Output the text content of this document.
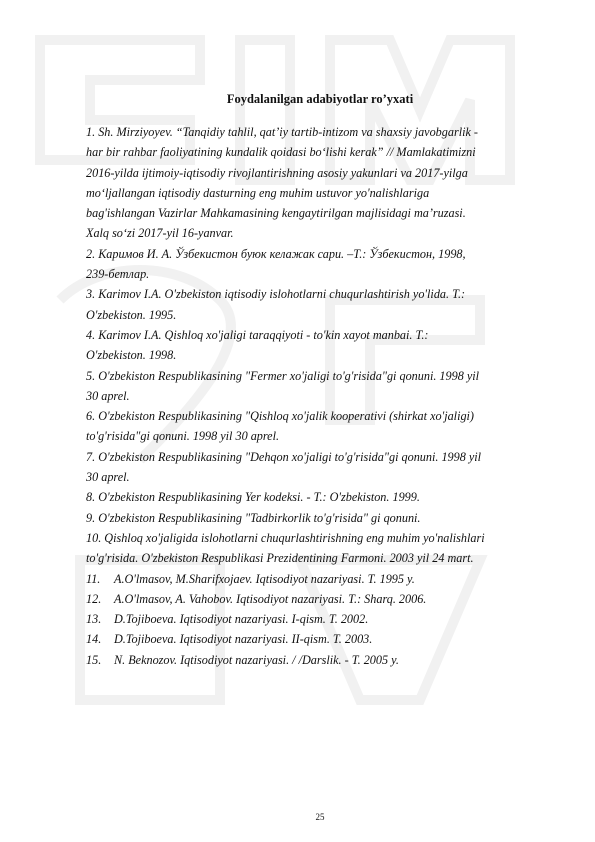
Foydalanilgan adabiyotlar ro’yxati
1. Sh. Mirziyoyev. “Tanqidiy tahlil, qat’iy tartib-intizom va shaxsiy javobgarlik -
har bir rahbar faoliyatining kundalik qoidasi bo‘lishi kerak” // Mamlakatimizni
2016-yilda ijtimoiy-iqtisodiy rivojlantirishning asosiy yakunlari va 2017-yilga
mo‘ljallangan iqtisodiy dasturning eng muhim ustuvor yo'nalishlariga
bag'ishlangan Vazirlar Mahkamasining kengaytirilgan majlisidagi ma’ruzasi.
Xalq so‘zi 2017-yil 16-yanvar.
2. Каримов И. А. Ўзбекистон буюк келажак сари. –Т.: Ўзбекистон, 1998,
239-бетлар.
3. Karimov I.A. O'zbekiston iqtisodiy islohotlarni chuqurlashtirish yo'lida. T.:
O'zbekiston. 1995.
4. Karimov I.A. Qishloq xo'jaligi taraqqiyoti - to'kin xayot manbai. T.:
O'zbekiston. 1998.
5. O'zbekiston Respublikasining "Fermer xo'jaligi to'g'risida"gi qonuni. 1998 yil
30 aprel.
6. O'zbekiston Respublikasining "Qishloq xo'jalik kooperativi (shirkat xo'jaligi)
to'g'risida"gi qonuni. 1998 yil 30 aprel.
7. O'zbekiston Respublikasining "Dehqon xo'jaligi to'g'risida"gi qonuni. 1998 yil
30 aprel.
8. O'zbekiston Respublikasining Yer kodeksi. - T.: O'zbekiston. 1999.
9. O'zbekiston Respublikasining "Tadbirkorlik to'g'risida" gi qonuni.
10. Qishloq xo'jaligida islohotlarni chuqurlashtirishning eng muhim yo'nalishlari
to'g'risida. O'zbekiston Respublikasi Prezidentining Farmoni. 2003 yil 24 mart.
11. A.O'lmasov, M.Sharifxojaev. Iqtisodiyot nazariyasi. T. 1995 y.
12. A.O'lmasov, A. Vahobov. Iqtisodiyot nazariyasi. T.: Sharq. 2006.
13. D.Tojiboeva. Iqtisodiyot nazariyasi. I-qism. T. 2002.
14. D.Tojiboeva. Iqtisodiyot nazariyasi. II-qism. T. 2003.
15. N. Beknozov. Iqtisodiyot nazariyasi. / /Darslik. - T. 2005 y.
25
